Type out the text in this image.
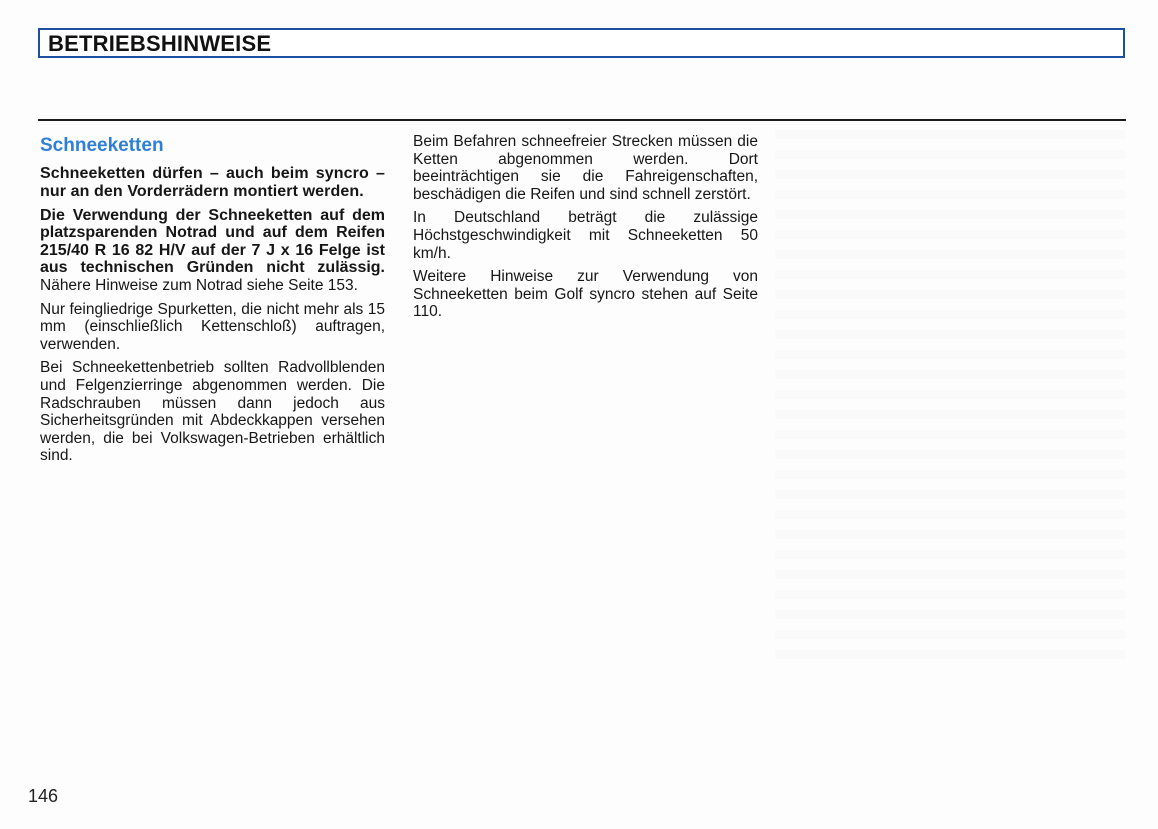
BETRIEBSHINWEISE
Schneeketten

Schneeketten dürfen – auch beim syncro – nur an den Vorderrädern montiert werden.

Die Verwendung der Schneeketten auf dem platzsparenden Notrad und auf dem Reifen 215/40 R 16 82 H/V auf der 7 J x 16 Felge ist aus technischen Gründen nicht zulässig. Nähere Hinweise zum Notrad siehe Seite 153.

Nur feingliedrige Spurketten, die nicht mehr als 15 mm (einschließlich Kettenschloß) auftragen, verwenden.

Bei Schneekettenbetrieb sollten Radvollblenden und Felgenzierringe abgenommen werden. Die Radschrauben müssen dann jedoch aus Sicherheitsgründen mit Abdeckkappen versehen werden, die bei Volkswagen-Betrieben erhältlich sind.

Beim Befahren schneefreier Strecken müssen die Ketten abgenommen werden. Dort beeinträchtigen sie die Fahreigenschaften, beschädigen die Reifen und sind schnell zerstört.

In Deutschland beträgt die zulässige Höchstgeschwindigkeit mit Schneeketten 50 km/h.

Weitere Hinweise zur Verwendung von Schneeketten beim Golf syncro stehen auf Seite 110.

146
